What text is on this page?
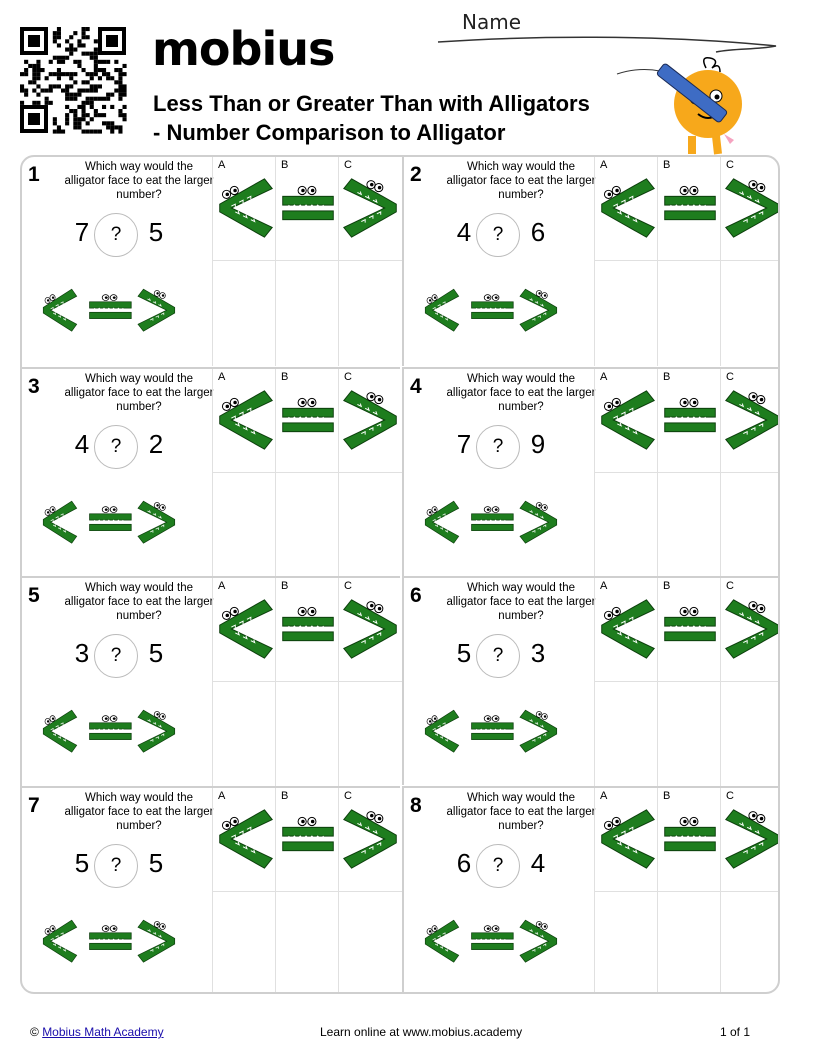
mobius
Less Than or Greater Than with Alligators - Number Comparison to Alligator
Name
1	Which way would the alligator face to eat the larger number?
7	?	5
A	B	C	2	Which way would the alligator face to eat the larger number?
4	?	6
A	B	C
3	Which way would the alligator face to eat the larger number?
4	?	2
A	B	C	4	Which way would the alligator face to eat the larger number?
7	?	9
A	B	C
5	Which way would the alligator face to eat the larger number?
3	?	5
A	B	C	6	Which way would the alligator face to eat the larger number?
5	?	3
A	B	C
7	Which way would the alligator face to eat the larger number?
5	?	5
A	B	C	8	Which way would the alligator face to eat the larger number?
6	?	4
A	B	C
© Mobius Math Academy	Learn online at www.mobius.academy	1 of 1
